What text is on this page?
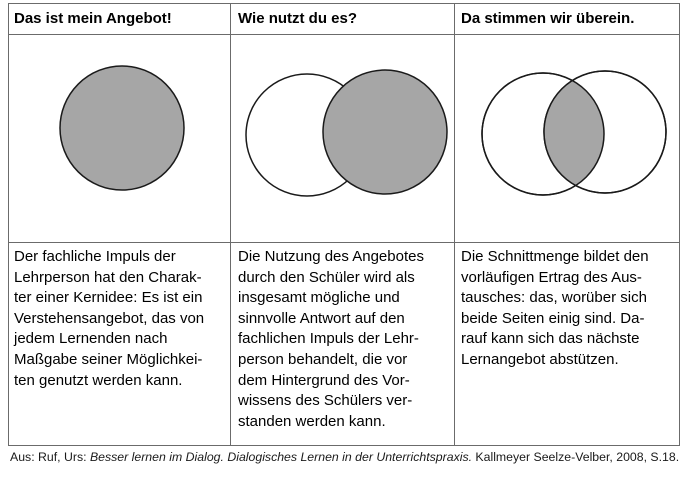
Das ist mein Angebot!	Wie nutzt du es?	Da stimmen wir überein.
Der fachliche Impuls der
Lehrperson hat den Charak-
ter einer Kernidee: Es ist ein
Verstehensangebot, das von
jedem Lernenden nach
Maßgabe seiner Möglichkei-
ten genutzt werden kann.
Die Nutzung des Angebotes
durch den Schüler wird als
insgesamt mögliche und
sinnvolle Antwort auf den
fachlichen Impuls der Lehr-
person behandelt, die vor
dem Hintergrund des Vor-
wissens des Schülers ver-
standen werden kann.
Die Schnittmenge bildet den
vorläufigen Ertrag des Aus-
tausches: das, worüber sich
beide Seiten einig sind. Da-
rauf kann sich das nächste
Lernangebot abstützen.
Aus: Ruf, Urs: Besser lernen im Dialog. Dialogisches Lernen in der Unterrichtspraxis. Kallmeyer Seelze-Velber, 2008, S.18.
